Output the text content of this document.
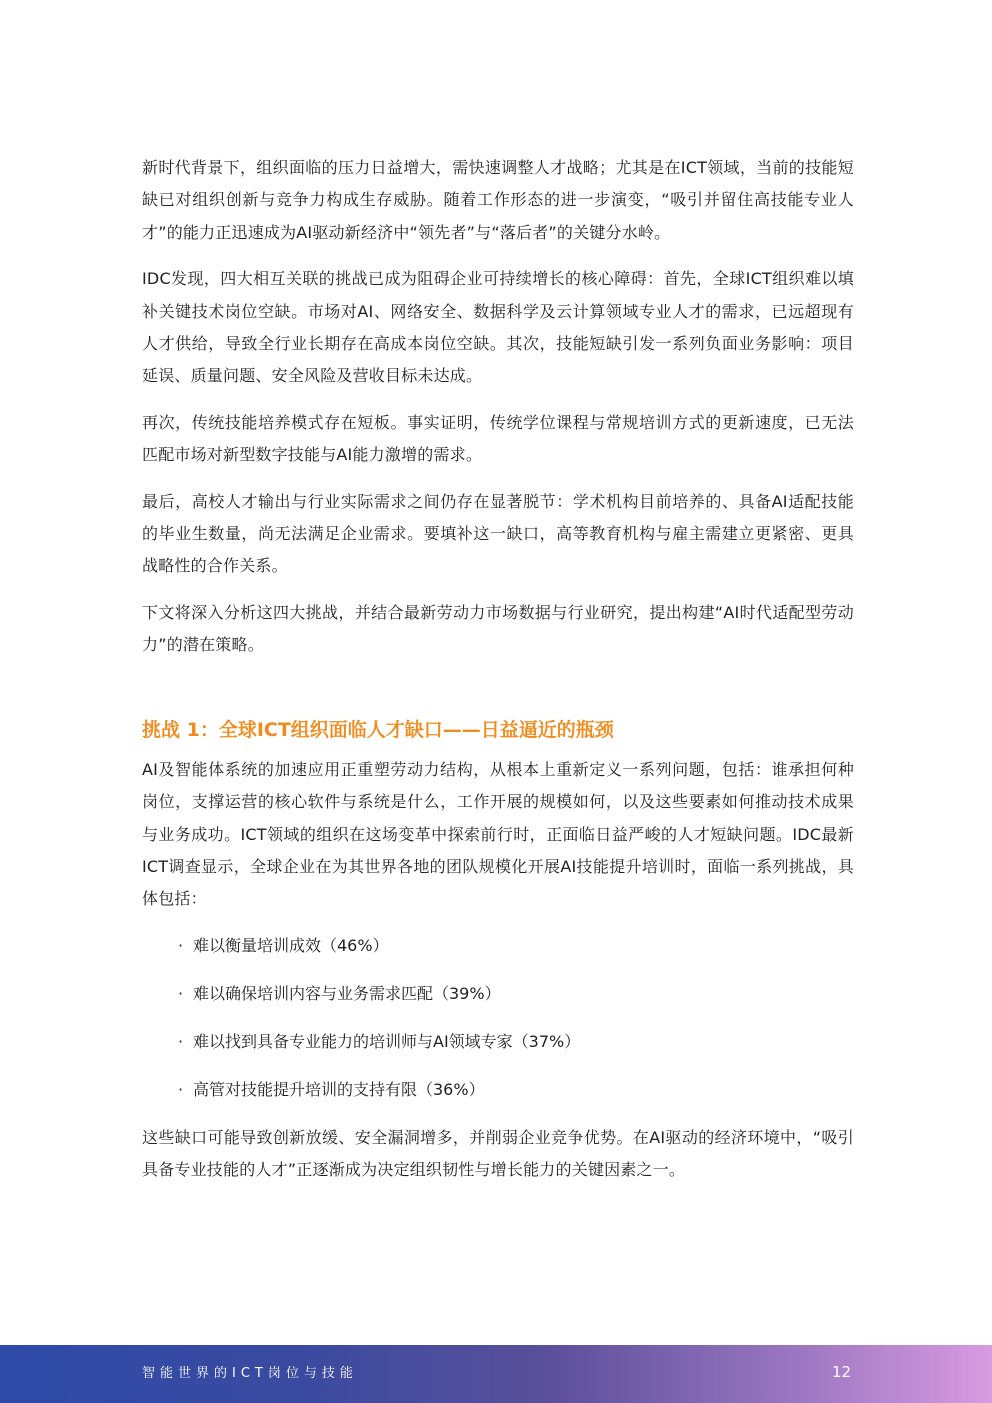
新时代背景下，组织面临的压力日益增大，需快速调整人才战略；尤其是在ICT领域，当前的技能短缺已对组织创新与竞争力构成生存威胁。随着工作形态的进一步演变，“吸引并留住高技能专业人才”的能力正迅速成为AI驱动新经济中“领先者”与“落后者”的关键分水岭。

IDC发现，四大相互关联的挑战已成为阻碍企业可持续增长的核心障碍：首先，全球ICT组织难以填补关键技术岗位空缺。市场对AI、网络安全、数据科学及云计算领域专业人才的需求，已远超现有人才供给，导致全行业长期存在高成本岗位空缺。其次，技能短缺引发一系列负面业务影响：项目延误、质量问题、安全风险及营收目标未达成。

再次，传统技能培养模式存在短板。事实证明，传统学位课程与常规培训方式的更新速度，已无法匹配市场对新型数字技能与AI能力激增的需求。

最后，高校人才输出与行业实际需求之间仍存在显著脱节：学术机构目前培养的、具备AI适配技能的毕业生数量，尚无法满足企业需求。要填补这一缺口，高等教育机构与雇主需建立更紧密、更具战略性的合作关系。

下文将深入分析这四大挑战，并结合最新劳动力市场数据与行业研究，提出构建“AI时代适配型劳动力”的潜在策略。

挑战 1：全球ICT组织面临人才缺口——日益逼近的瓶颈

AI及智能体系统的加速应用正重塑劳动力结构，从根本上重新定义一系列问题，包括：谁承担何种岗位，支撑运营的核心软件与系统是什么，工作开展的规模如何，以及这些要素如何推动技术成果与业务成功。ICT领域的组织在这场变革中探索前行时，正面临日益严峻的人才短缺问题。IDC最新ICT调查显示，全球企业在为其世界各地的团队规模化开展AI技能提升培训时，面临一系列挑战，具体包括：

· 难以衡量培训成效（46%）
· 难以确保培训内容与业务需求匹配（39%）
· 难以找到具备专业能力的培训师与AI领域专家（37%）
· 高管对技能提升培训的支持有限（36%）

这些缺口可能导致创新放缓、安全漏洞增多，并削弱企业竞争优势。在AI驱动的经济环境中，“吸引具备专业技能的人才”正逐渐成为决定组织韧性与增长能力的关键因素之一。

智能世界的ICT岗位与技能	12
